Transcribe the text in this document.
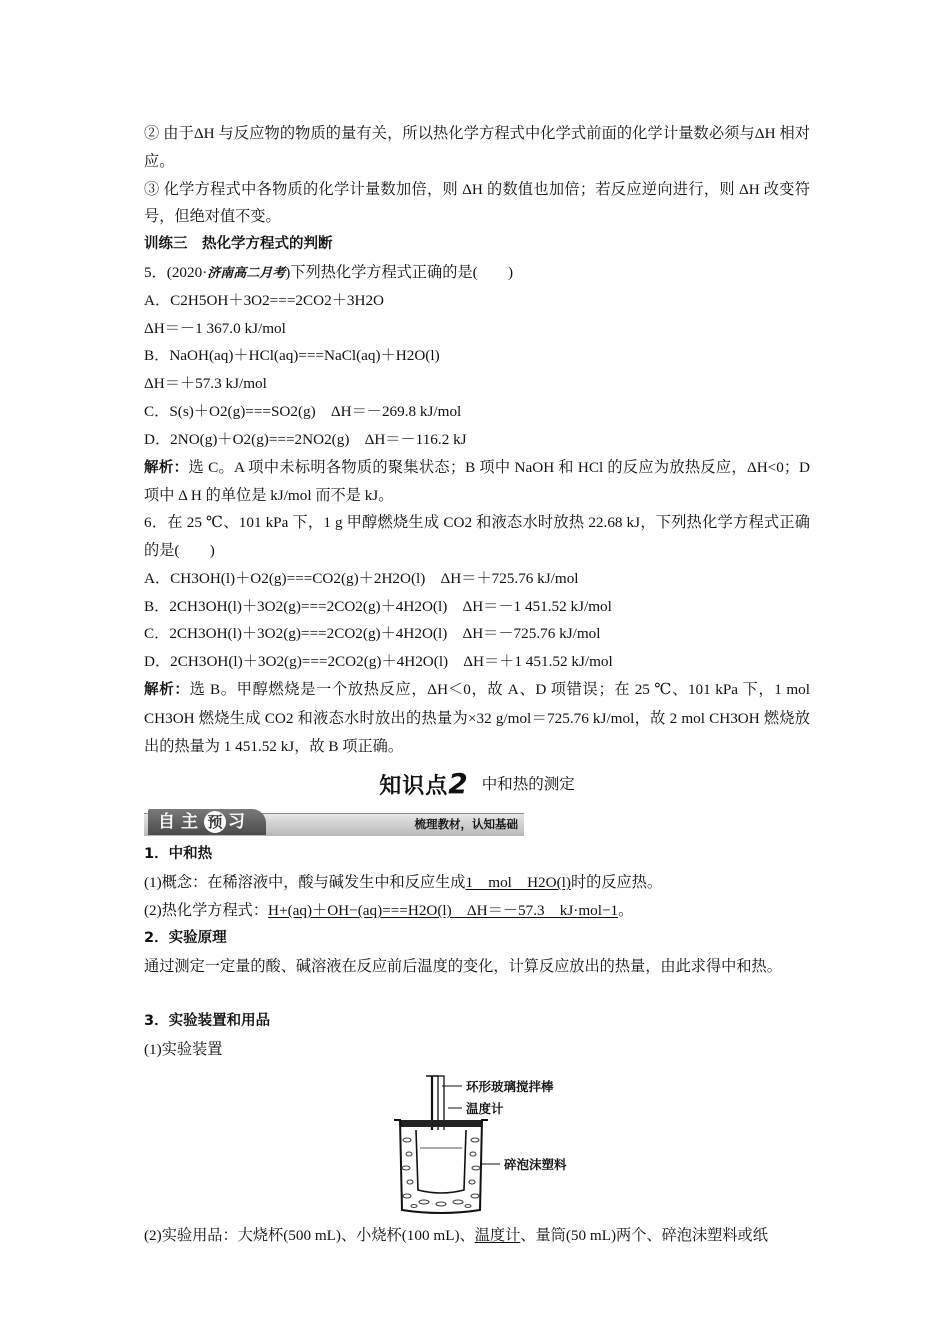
② 由于ΔH 与反应物的物质的量有关，所以热化学方程式中化学式前面的化学计量数必须与ΔH 相对应。
③ 化学方程式中各物质的化学计量数加倍，则 ΔH 的数值也加倍；若反应逆向进行，则 ΔH 改变符号，但绝对值不变。
训练三　热化学方程式的判断
5．(2020·济南高二月考)下列热化学方程式正确的是(　　)
A．C2H5OH＋3O2===2CO2＋3H2O
ΔH＝－1 367.0 kJ/mol
B．NaOH(aq)＋HCl(aq)===NaCl(aq)＋H2O(l)
ΔH＝＋57.3 kJ/mol
C．S(s)＋O2(g)===SO2(g)　ΔH＝－269.8 kJ/mol
D．2NO(g)＋O2(g)===2NO2(g)　ΔH＝－116.2 kJ
解析：选 C。A 项中未标明各物质的聚集状态；B 项中 NaOH 和 HCl 的反应为放热反应，ΔH<0；D 项中 Δ H 的单位是 kJ/mol 而不是 kJ。
6．在 25 ℃、101 kPa 下，1 g 甲醇燃烧生成 CO2 和液态水时放热 22.68 kJ，下列热化学方程式正确的是(　　)
A．CH3OH(l)＋O2(g)===CO2(g)＋2H2O(l)　ΔH＝＋725.76 kJ/mol
B．2CH3OH(l)＋3O2(g)===2CO2(g)＋4H2O(l)　ΔH＝－1 451.52 kJ/mol
C．2CH3OH(l)＋3O2(g)===2CO2(g)＋4H2O(l)　ΔH＝－725.76 kJ/mol
D．2CH3OH(l)＋3O2(g)===2CO2(g)＋4H2O(l)　ΔH＝＋1 451.52 kJ/mol
解析：选 B。甲醇燃烧是一个放热反应，ΔH＜0，故 A、D 项错误；在 25 ℃、101 kPa 下，1 mol CH3OH 燃烧生成 CO2 和液态水时放出的热量为×32 g/mol＝725.76 kJ/mol，故 2 mol CH3OH 燃烧放出的热量为 1 451.52 kJ，故 B 项正确。
知识点2 中和热的测定
自主 预 习	梳理教材，认知基础
1．中和热
(1)概念：在稀溶液中，酸与碱发生中和反应生成1　mol　H2O(l)时的反应热。
(2)热化学方程式：H+(aq)＋OH−(aq)===H2O(l)　ΔH＝－57.3　kJ·mol−1。
2．实验原理
通过测定一定量的酸、碱溶液在反应前后温度的变化，计算反应放出的热量，由此求得中和热。
3．实验装置和用品
(1)实验装置
环形玻璃搅拌棒
温度计
碎泡沫塑料
(2)实验用品：大烧杯(500 mL)、小烧杯(100 mL)、温度计、量筒(50 mL)两个、碎泡沫塑料或纸
